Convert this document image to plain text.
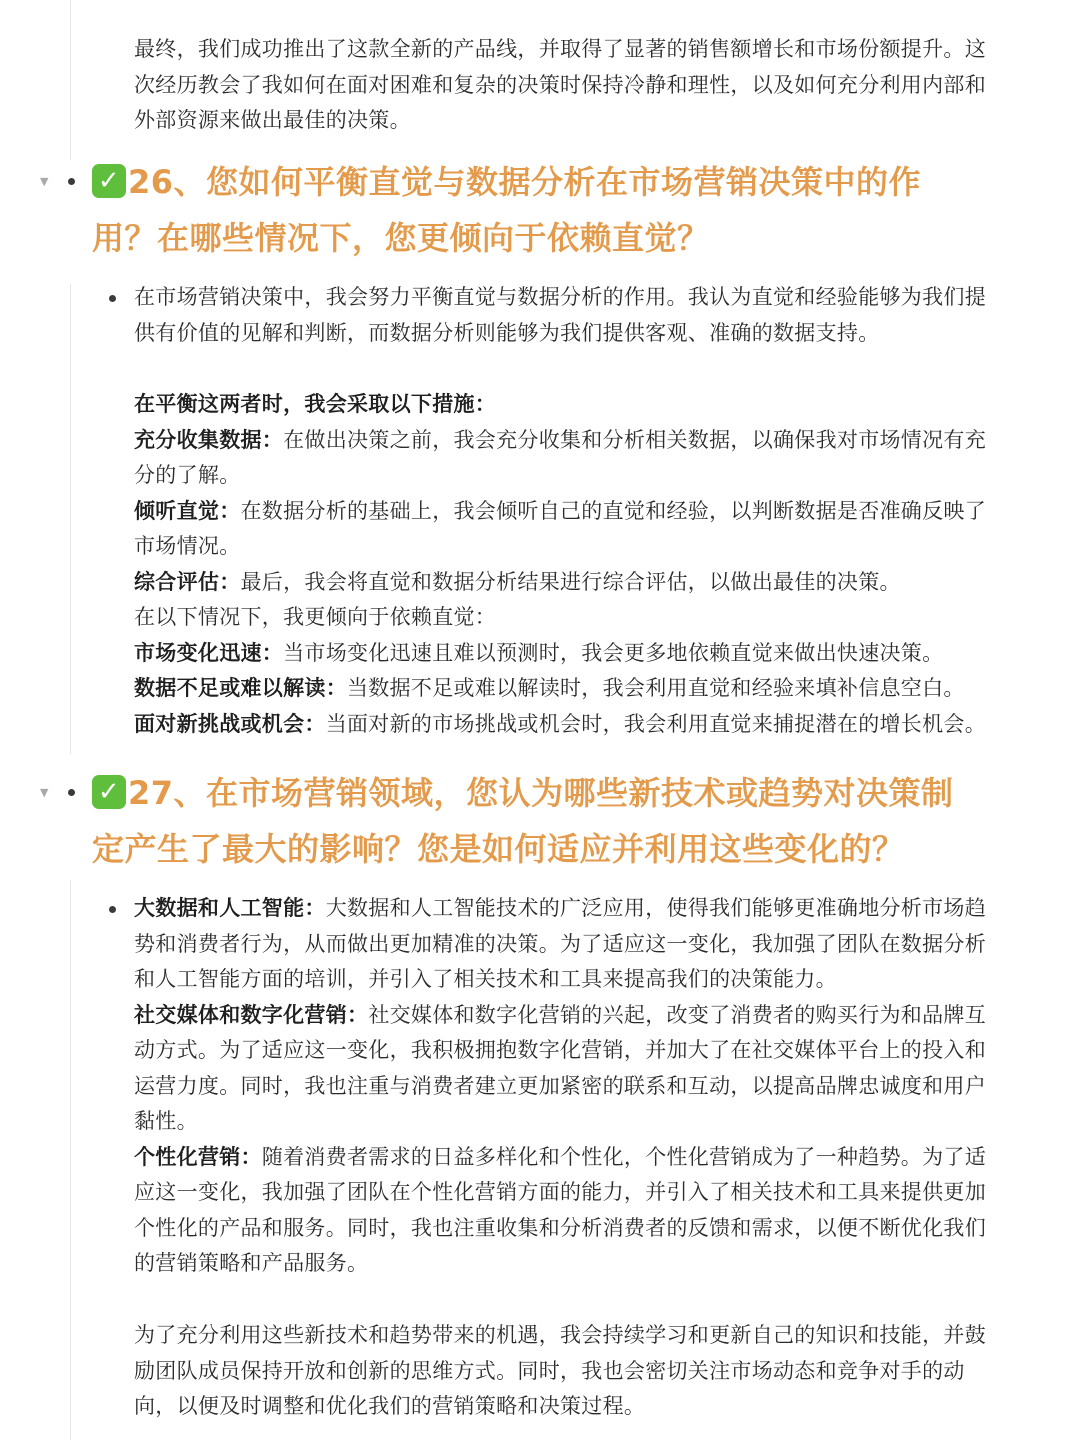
最终，我们成功推出了这款全新的产品线，并取得了显著的销售额增长和市场份额提升。这
次经历教会了我如何在面对困难和复杂的决策时保持冷静和理性，以及如何充分利用内部和
外部资源来做出最佳的决策。
▼ ✓ 26、您如何平衡直觉与数据分析在市场营销决策中的作
用？在哪些情况下，您更倾向于依赖直觉？
在市场营销决策中，我会努力平衡直觉与数据分析的作用。我认为直觉和经验能够为我们提
供有价值的见解和判断，而数据分析则能够为我们提供客观、准确的数据支持。
在平衡这两者时，我会采取以下措施：
充分收集数据：在做出决策之前，我会充分收集和分析相关数据，以确保我对市场情况有充
分的了解。
倾听直觉：在数据分析的基础上，我会倾听自己的直觉和经验，以判断数据是否准确反映了
市场情况。
综合评估：最后，我会将直觉和数据分析结果进行综合评估，以做出最佳的决策。
在以下情况下，我更倾向于依赖直觉：
市场变化迅速：当市场变化迅速且难以预测时，我会更多地依赖直觉来做出快速决策。
数据不足或难以解读：当数据不足或难以解读时，我会利用直觉和经验来填补信息空白。
面对新挑战或机会：当面对新的市场挑战或机会时，我会利用直觉来捕捉潜在的增长机会。
▼ ✓ 27、在市场营销领域，您认为哪些新技术或趋势对决策制
定产生了最大的影响？您是如何适应并利用这些变化的？
大数据和人工智能：大数据和人工智能技术的广泛应用，使得我们能够更准确地分析市场趋
势和消费者行为，从而做出更加精准的决策。为了适应这一变化，我加强了团队在数据分析
和人工智能方面的培训，并引入了相关技术和工具来提高我们的决策能力。
社交媒体和数字化营销：社交媒体和数字化营销的兴起，改变了消费者的购买行为和品牌互
动方式。为了适应这一变化，我积极拥抱数字化营销，并加大了在社交媒体平台上的投入和
运营力度。同时，我也注重与消费者建立更加紧密的联系和互动，以提高品牌忠诚度和用户
黏性。
个性化营销：随着消费者需求的日益多样化和个性化，个性化营销成为了一种趋势。为了适
应这一变化，我加强了团队在个性化营销方面的能力，并引入了相关技术和工具来提供更加
个性化的产品和服务。同时，我也注重收集和分析消费者的反馈和需求，以便不断优化我们
的营销策略和产品服务。
为了充分利用这些新技术和趋势带来的机遇，我会持续学习和更新自己的知识和技能，并鼓
励团队成员保持开放和创新的思维方式。同时，我也会密切关注市场动态和竞争对手的动
向，以便及时调整和优化我们的营销策略和决策过程。
